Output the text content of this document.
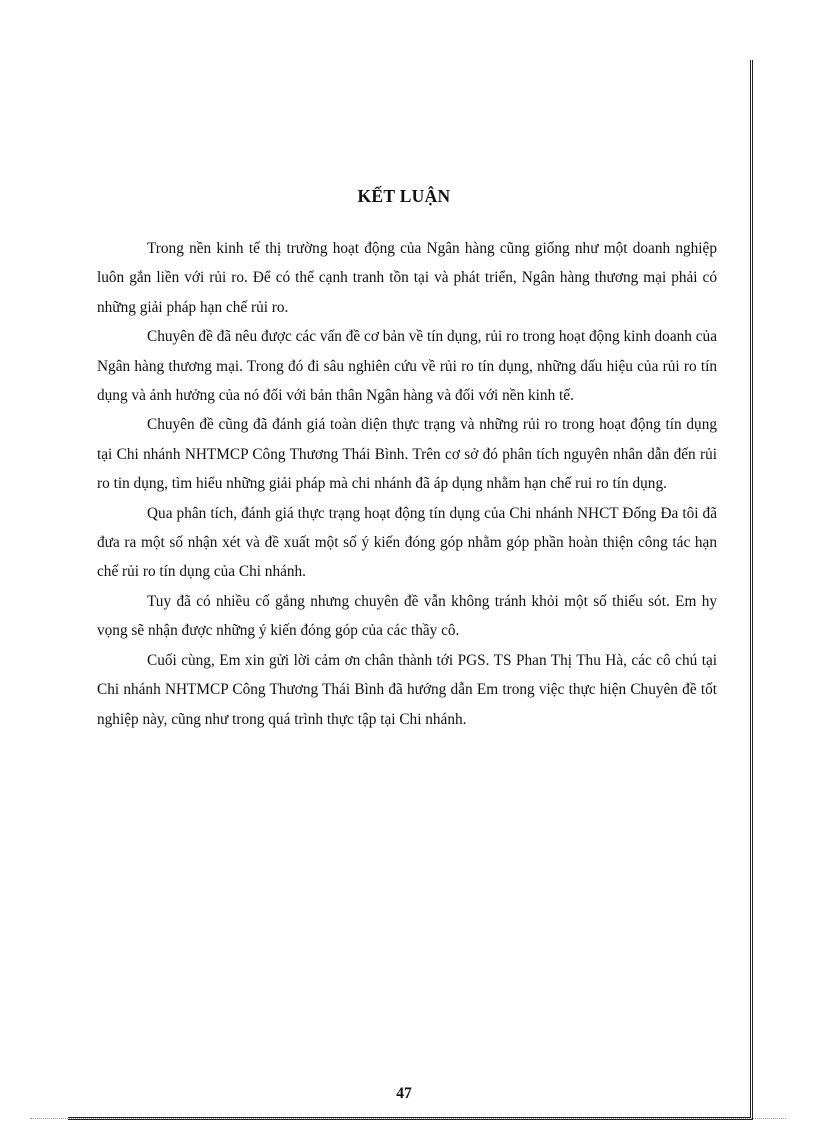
KẾT LUẬN

Trong nền kinh tế thị trường hoạt động của Ngân hàng cũng giống như một doanh nghiệp luôn gắn liền với rủi ro. Để có thể cạnh tranh tồn tại và phát triển, Ngân hàng thương mại phải có những giải pháp hạn chế rủi ro.

Chuyên đề đã nêu được các vấn đề cơ bản về tín dụng, rủi ro trong hoạt động kinh doanh của Ngân hàng thương mại. Trong đó đi sâu nghiên cứu về rủi ro tín dụng, những dấu hiệu của rủi ro tín dụng và ảnh hưởng của nó đối với bản thân Ngân hàng và đối với nền kinh tế.

Chuyên đề cũng đã đánh giá toàn diện thực trạng và những rủi ro trong hoạt động tín dụng tại Chi nhánh NHTMCP Công Thương Thái Bình. Trên cơ sở đó phân tích nguyên nhân dẫn đến rủi ro tin dụng, tìm hiểu những giải pháp mà chi nhánh đã áp dụng nhằm hạn chế rui ro tín dụng.

Qua phân tích, đánh giá thực trạng hoạt động tín dụng của Chi nhánh NHCT Đống Đa tôi đã đưa ra một số nhận xét và đề xuất một số ý kiến đóng góp nhằm góp phần hoàn thiện công tác hạn chế rủi ro tín dụng của Chi nhánh.

Tuy đã có nhiều cố gắng nhưng chuyên đề vẫn không tránh khỏi một số thiếu sót. Em hy vọng sẽ nhận được những ý kiến đóng góp của các thầy cô.

Cuối cùng, Em xin gửi lời cảm ơn chân thành tới PGS. TS Phan Thị Thu Hà, các cô chú tại Chi nhánh NHTMCP Công Thương Thái Bình đã hướng dẫn Em trong việc thực hiện Chuyên đề tốt nghiệp này, cũng như trong quá trình thực tập tại Chi nhánh.

47
